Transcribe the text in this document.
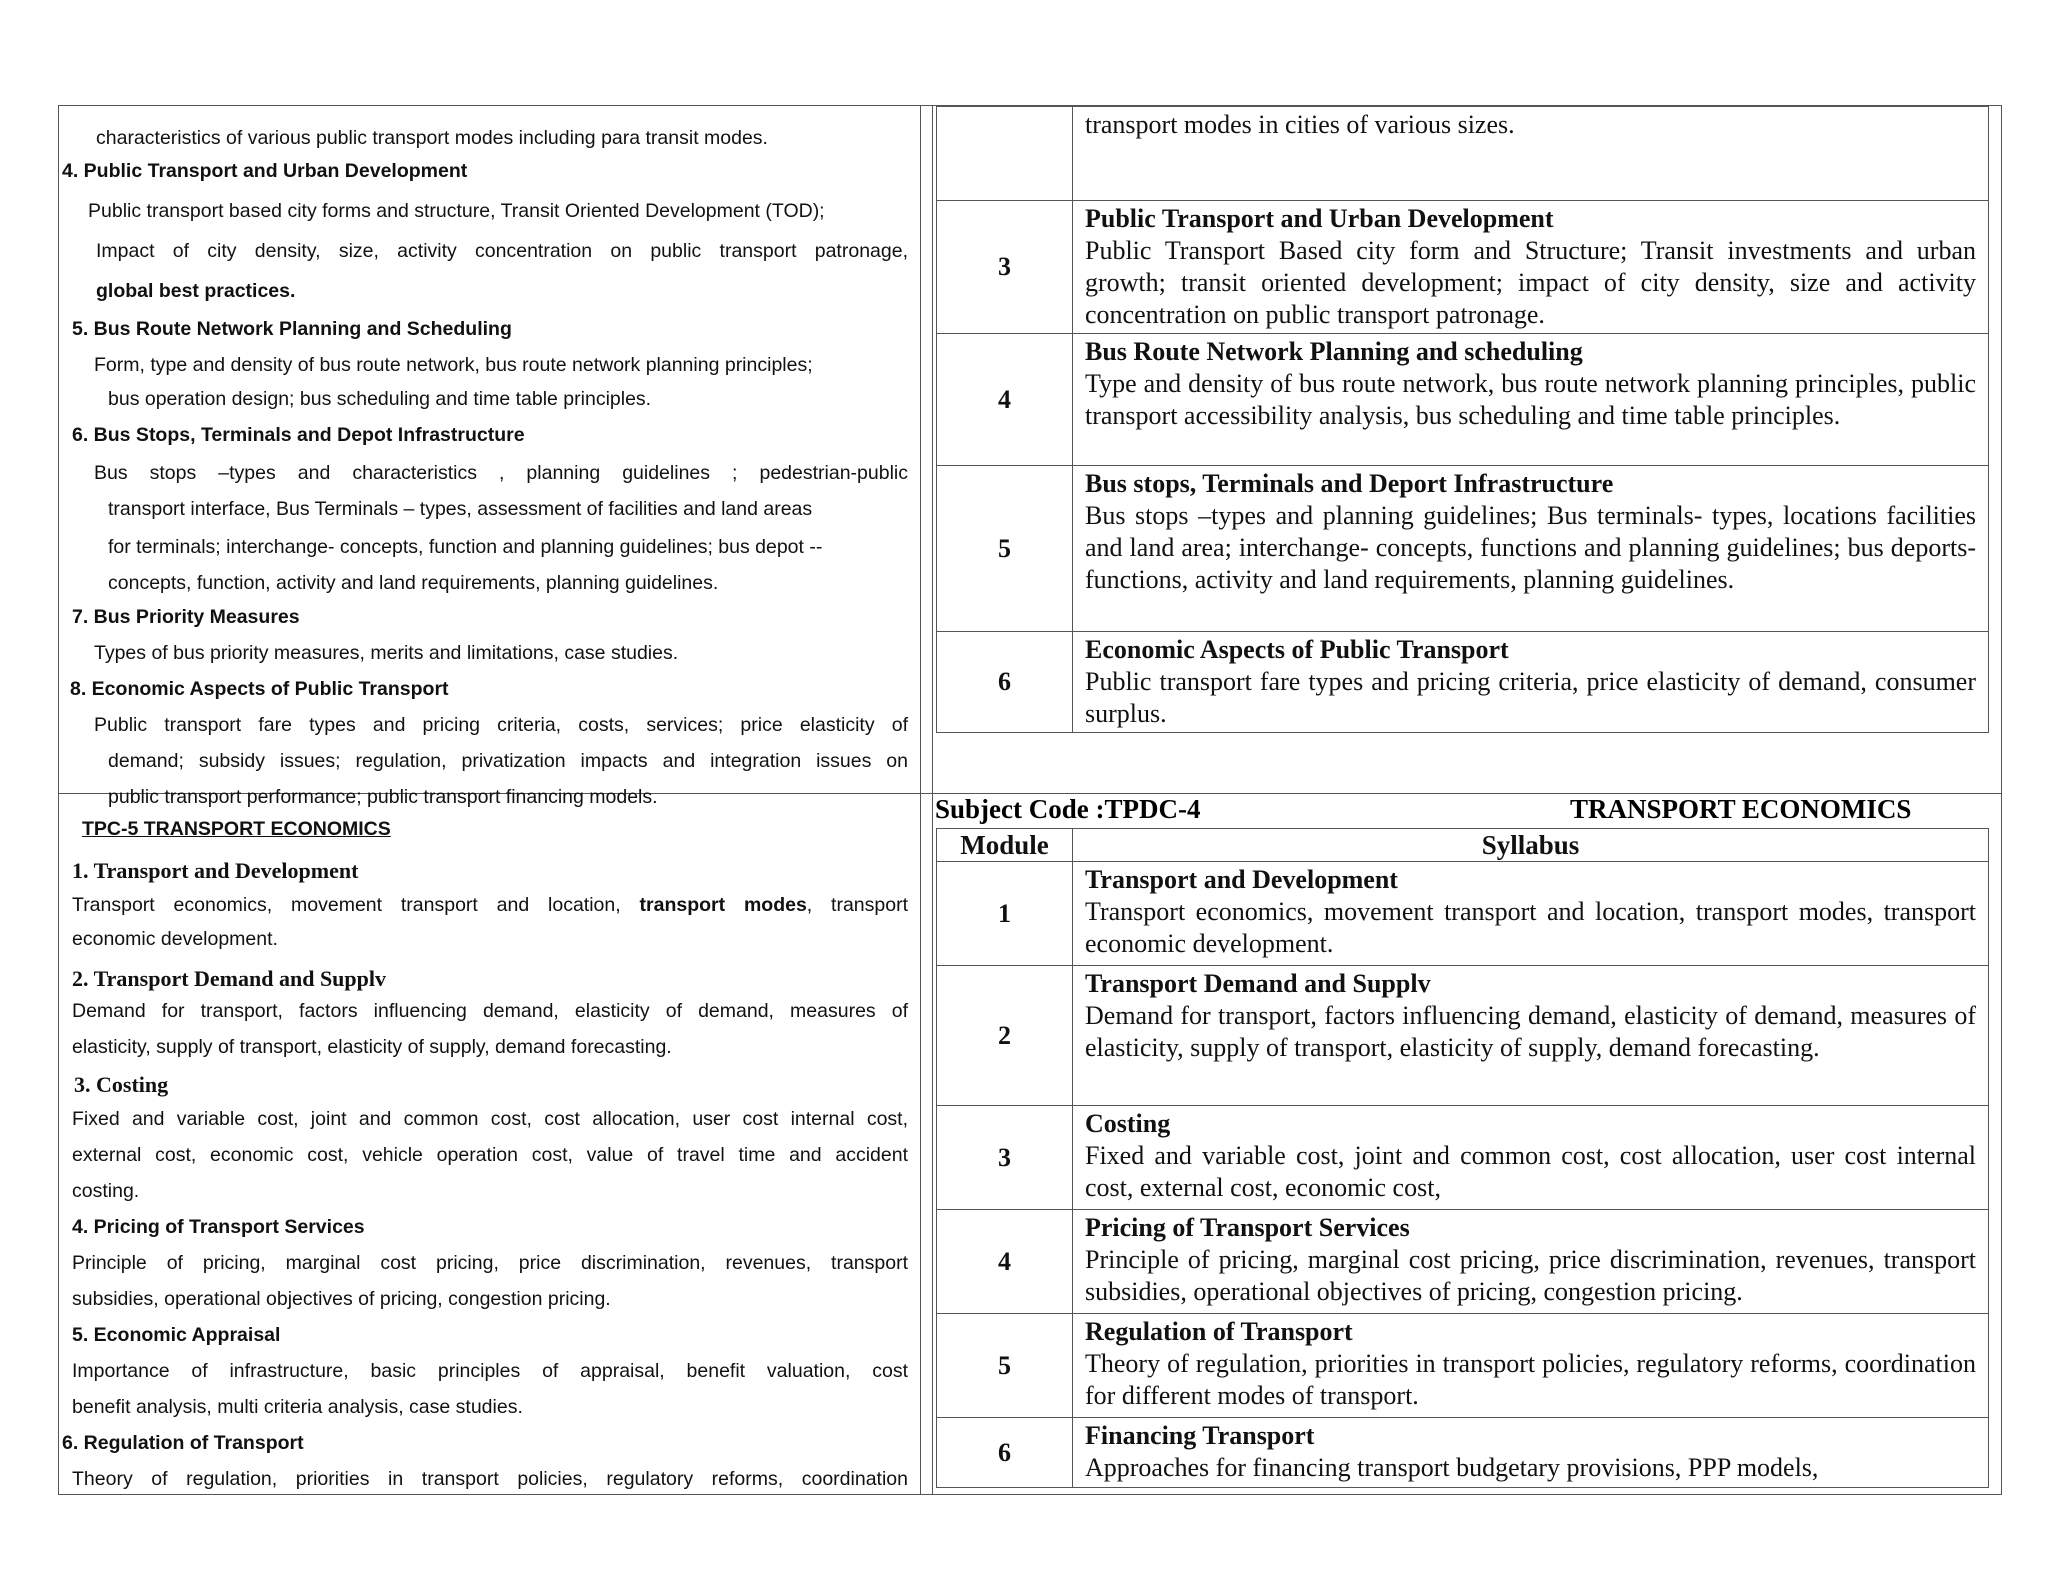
characteristics of various public transport modes including para transit modes.
4. Public Transport and Urban Development
Public transport based city forms and structure, Transit Oriented Development (TOD);
Impact of city density, size, activity concentration on public transport patronage,
global best practices.
5. Bus Route Network Planning and Scheduling
Form, type and density of bus route network, bus route network planning principles;
bus operation design; bus scheduling and time table principles.
6. Bus Stops, Terminals and Depot Infrastructure
Bus stops –types and characteristics , planning guidelines ; pedestrian-public
transport interface, Bus Terminals – types, assessment of facilities and land areas
for terminals; interchange- concepts, function and planning guidelines; bus depot --
concepts, function, activity and land requirements, planning guidelines.
7. Bus Priority Measures
Types of bus priority measures, merits and limitations, case studies.
8. Economic Aspects of Public Transport
Public transport fare types and pricing criteria, costs, services; price elasticity of
demand; subsidy issues; regulation, privatization impacts and integration issues on
public transport performance; public transport financing models.
TPC-5 TRANSPORT ECONOMICS
1. Transport and Development
Transport economics, movement transport and location, transport modes, transport
economic development.
2. Transport Demand and Supplv
Demand for transport, factors influencing demand, elasticity of demand, measures of
elasticity, supply of transport, elasticity of supply, demand forecasting.
3. Costing
Fixed and variable cost, joint and common cost, cost allocation, user cost internal cost,
external cost, economic cost, vehicle operation cost, value of travel time and accident
costing.
4. Pricing of Transport Services
Principle of pricing, marginal cost pricing, price discrimination, revenues, transport
subsidies, operational objectives of pricing, congestion pricing.
5. Economic Appraisal
Importance of infrastructure, basic principles of appraisal, benefit valuation, cost
benefit analysis, multi criteria analysis, case studies.
6. Regulation of Transport
Theory of regulation, priorities in transport policies, regulatory reforms, coordination
	transport modes in cities of various sizes.
3	Public Transport and Urban Development
Public Transport Based city form and Structure; Transit investments and urban growth; transit oriented development; impact of city density, size and activity concentration on public transport patronage.
4	Bus Route Network Planning and scheduling
Type and density of bus route network, bus route network planning principles, public transport accessibility analysis, bus scheduling and time table principles.
5	Bus stops, Terminals and Deport Infrastructure
Bus stops –types and planning guidelines; Bus terminals- types, locations facilities and land area; interchange- concepts, functions and planning guidelines; bus deports- functions, activity and land requirements, planning guidelines.
6	Economic Aspects of Public Transport
Public transport fare types and pricing criteria, price elasticity of demand, consumer surplus.
Subject Code :TPDC-4	TRANSPORT ECONOMICS
Module	Syllabus
1	Transport and Development
Transport economics, movement transport and location, transport modes, transport economic development.
2	Transport Demand and Supplv
Demand for transport, factors influencing demand, elasticity of demand, measures of elasticity, supply of transport, elasticity of supply, demand forecasting.
3	Costing
Fixed and variable cost, joint and common cost, cost allocation, user cost internal cost, external cost, economic cost,
4	Pricing of Transport Services
Principle of pricing, marginal cost pricing, price discrimination, revenues, transport subsidies, operational objectives of pricing, congestion pricing.
5	Regulation of Transport
Theory of regulation, priorities in transport policies, regulatory reforms, coordination for different modes of transport.
6	Financing Transport
Approaches for financing transport budgetary provisions, PPP models,
